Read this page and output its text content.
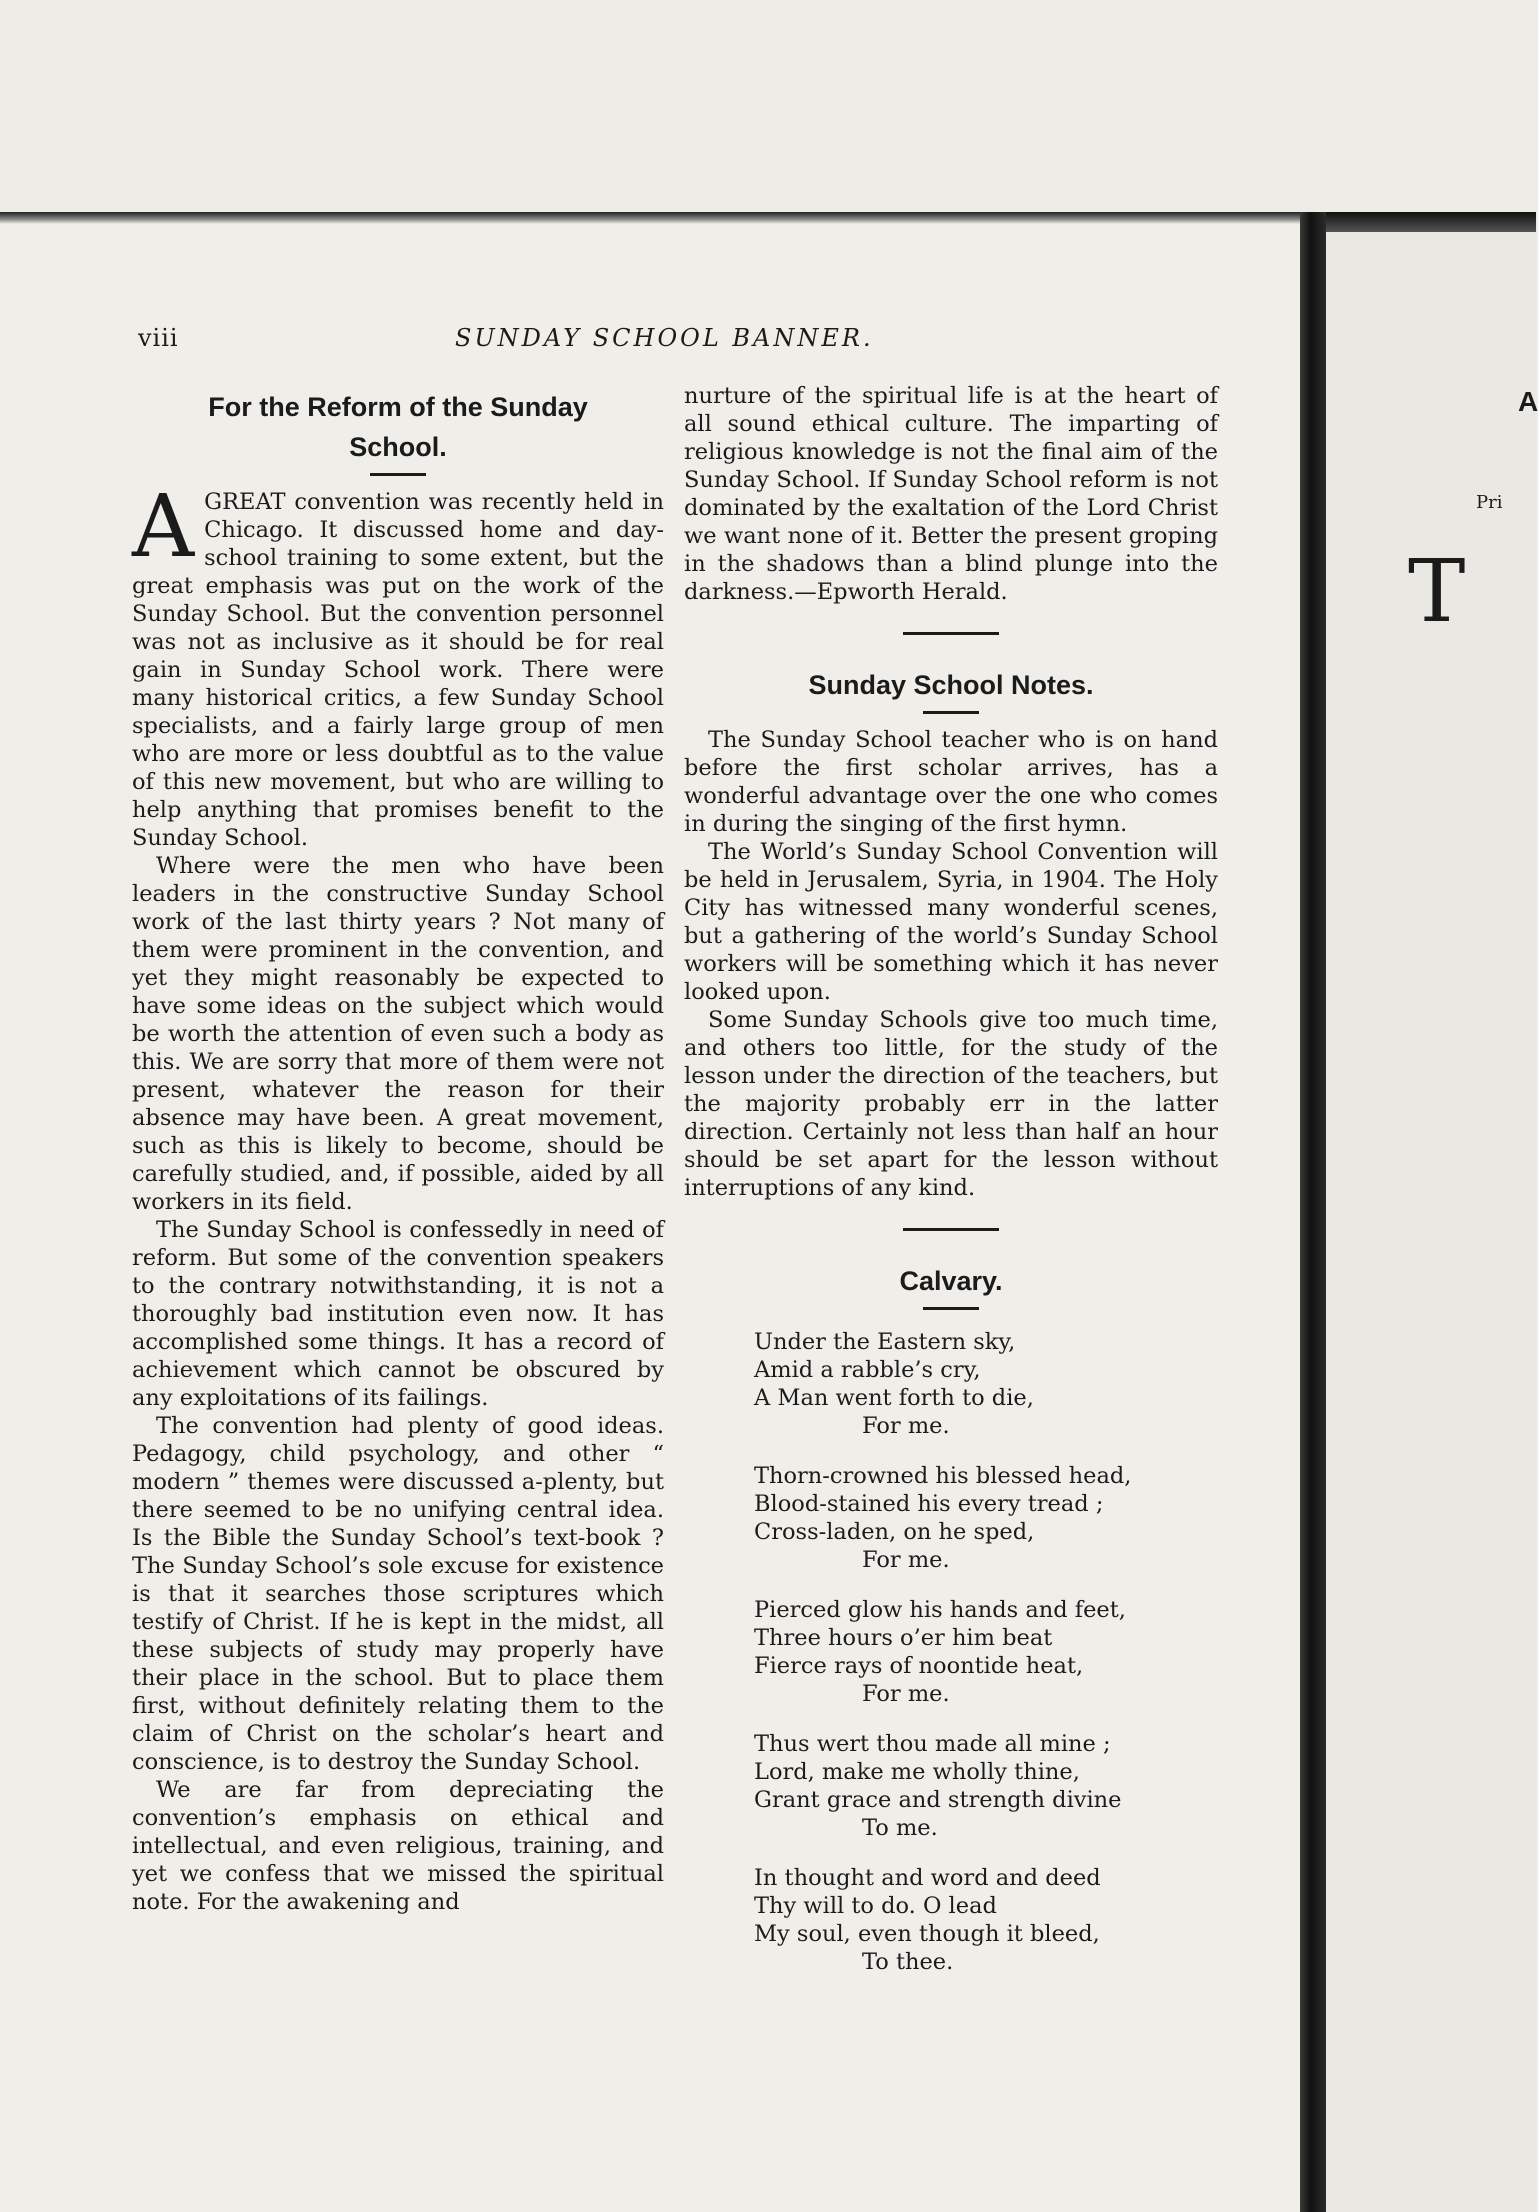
viii	SUNDAY SCHOOL BANNER.
For the Reform of the Sunday
School.

AGREAT convention was recently held in Chicago. It discussed home and day-school training to some extent, but the great emphasis was put on the work of the Sunday School. But the convention personnel was not as inclusive as it should be for real gain in Sunday School work. There were many historical critics, a few Sunday School specialists, and a fairly large group of men who are more or less doubtful as to the value of this new movement, but who are willing to help anything that promises benefit to the Sunday School.

Where were the men who have been leaders in the constructive Sunday School work of the last thirty years ? Not many of them were prominent in the convention, and yet they might reasonably be expected to have some ideas on the subject which would be worth the attention of even such a body as this. We are sorry that more of them were not present, whatever the reason for their absence may have been. A great movement, such as this is likely to become, should be carefully studied, and, if possible, aided by all workers in its field.

The Sunday School is confessedly in need of reform. But some of the convention speakers to the contrary notwithstanding, it is not a thoroughly bad institution even now. It has accomplished some things. It has a record of achievement which cannot be obscured by any exploitations of its failings.

The convention had plenty of good ideas. Pedagogy, child psychology, and other “ modern ” themes were discussed a-plenty, but there seemed to be no unifying central idea. Is the Bible the Sunday School’s text-book ? The Sunday School’s sole excuse for existence is that it searches those scriptures which testify of Christ. If he is kept in the midst, all these subjects of study may properly have their place in the school. But to place them first, without definitely relating them to the claim of Christ on the scholar’s heart and conscience, is to destroy the Sunday School.

We are far from depreciating the convention’s emphasis on ethical and intellectual, and even religious, training, and yet we confess that we missed the spiritual note. For the awakening and

nurture of the spiritual life is at the heart of all sound ethical culture. The imparting of religious knowledge is not the final aim of the Sunday School. If Sunday School reform is not dominated by the exaltation of the Lord Christ we want none of it. Better the present groping in the shadows than a blind plunge into the darkness.—Epworth Herald.

Sunday School Notes.

The Sunday School teacher who is on hand before the first scholar arrives, has a wonderful advantage over the one who comes in during the singing of the first hymn.

The World’s Sunday School Convention will be held in Jerusalem, Syria, in 1904. The Holy City has witnessed many wonderful scenes, but a gathering of the world’s Sunday School workers will be something which it has never looked upon.

Some Sunday Schools give too much time, and others too little, for the study of the lesson under the direction of the teachers, but the majority probably err in the latter direction. Certainly not less than half an hour should be set apart for the lesson without interruptions of any kind.

Calvary.
Under the Eastern sky,
Amid a rabble’s cry,
A Man went forth to die,
For me.
Thorn-crowned his blessed head,
Blood-stained his every tread ;
Cross-laden, on he sped,
For me.
Pierced glow his hands and feet,
Three hours o’er him beat
Fierce rays of noontide heat,
For me.
Thus wert thou made all mine ;
Lord, make me wholly thine,
Grant grace and strength divine
To me.
In thought and word and deed
Thy will to do. O lead
My soul, even though it bleed,
To thee.
A
Pri
T
